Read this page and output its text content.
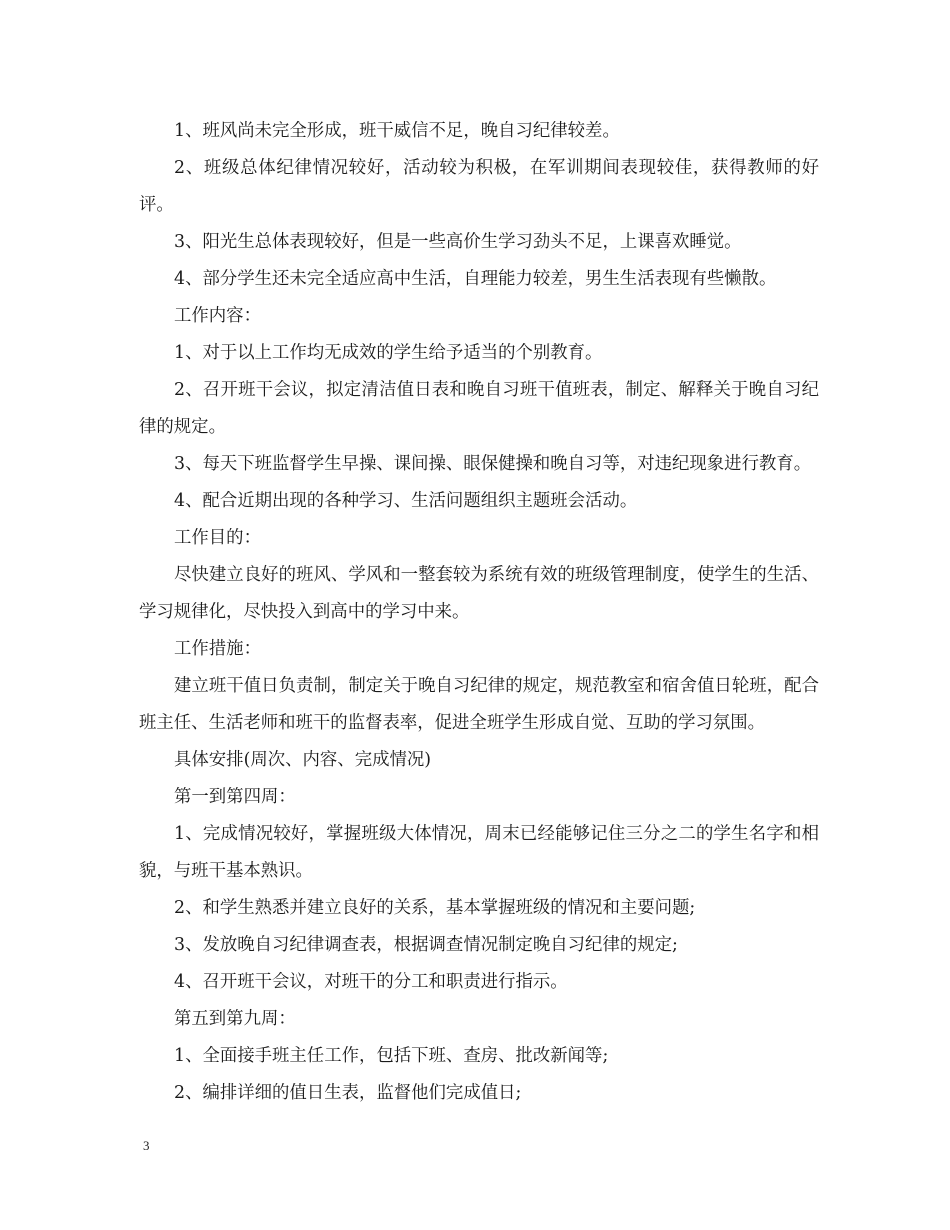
1、班风尚未完全形成，班干威信不足，晚自习纪律较差。

2、班级总体纪律情况较好，活动较为积极，在军训期间表现较佳，获得教师的好评。

3、阳光生总体表现较好，但是一些高价生学习劲头不足，上课喜欢睡觉。

4、部分学生还未完全适应高中生活，自理能力较差，男生生活表现有些懒散。

工作内容：

1、对于以上工作均无成效的学生给予适当的个别教育。

2、召开班干会议，拟定清洁值日表和晚自习班干值班表，制定、解释关于晚自习纪律的规定。

3、每天下班监督学生早操、课间操、眼保健操和晚自习等，对违纪现象进行教育。

4、配合近期出现的各种学习、生活问题组织主题班会活动。

工作目的：

尽快建立良好的班风、学风和一整套较为系统有效的班级管理制度，使学生的生活、学习规律化，尽快投入到高中的学习中来。

工作措施：

建立班干值日负责制，制定关于晚自习纪律的规定，规范教室和宿舍值日轮班，配合班主任、生活老师和班干的监督表率，促进全班学生形成自觉、互助的学习氛围。

具体安排(周次、内容、完成情况)

第一到第四周：

1、完成情况较好，掌握班级大体情况，周末已经能够记住三分之二的学生名字和相貌，与班干基本熟识。

2、和学生熟悉并建立良好的关系，基本掌握班级的情况和主要问题;

3、发放晚自习纪律调查表，根据调查情况制定晚自习纪律的规定;

4、召开班干会议，对班干的分工和职责进行指示。

第五到第九周：

1、全面接手班主任工作，包括下班、查房、批改新闻等;

2、编排详细的值日生表，监督他们完成值日;

3
